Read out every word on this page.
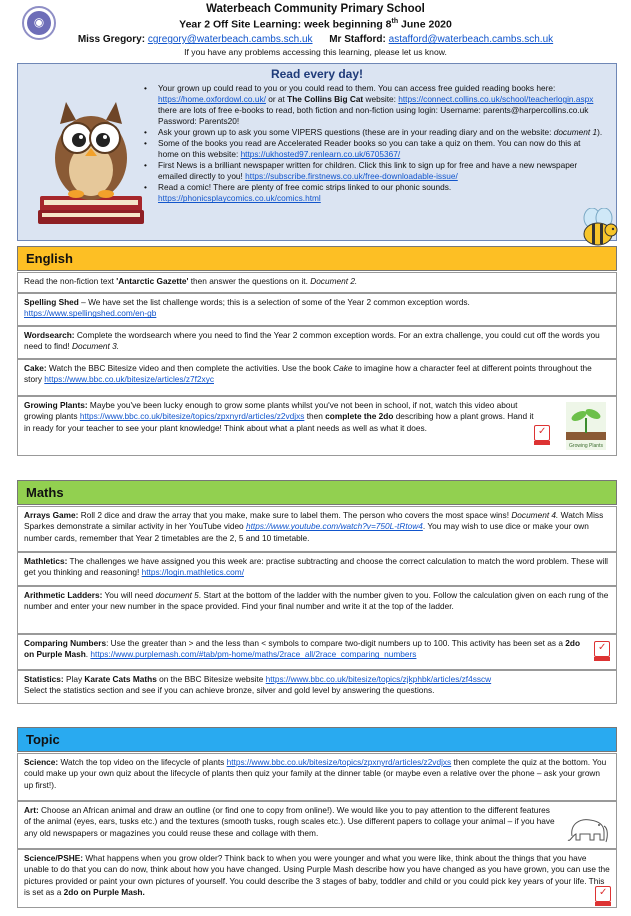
◉
Waterbeach Community Primary School
Year 2 Off Site Learning: week beginning 8th June 2020
Miss Gregory: cgregory@waterbeach.cambs.sch.uk Mr Stafford: astafford@waterbeach.cambs.sch.uk
If you have any problems accessing this learning, please let us know.
Read every day!
• Your grown up could read to you or you could read to them. You can access free guided reading books here: https://home.oxfordowl.co.uk/ or at The Collins Big Cat website: https://connect.collins.co.uk/school/teacherlogin.aspx there are lots of free e-books to read, both fiction and non-fiction using login: Username: parents@harpercollins.co.uk Password: Parents20!
• Ask your grown up to ask you some VIPERS questions (these are in your reading diary and on the website: document 1).
• Some of the books you read are Accelerated Reader books so you can take a quiz on them. You can now do this at home on this website: https://ukhosted97.renlearn.co.uk/6705367/
• First News is a brilliant newspaper written for children. Click this link to sign up for free and have a new newspaper emailed directly to you! https://subscribe.firstnews.co.uk/free-downloadable-issue/
• Read a comic! There are plenty of free comic strips linked to our phonic sounds.
https://phonicsplaycomics.co.uk/comics.html
English
Read the non-fiction text 'Antarctic Gazette' then answer the questions on it. Document 2.
Spelling Shed – We have set the list challenge words; this is a selection of some of the Year 2 common exception words.
https://www.spellingshed.com/en-gb
Wordsearch: Complete the wordsearch where you need to find the Year 2 common exception words. For an extra challenge, you could cut off the words you need to find! Document 3.
Cake: Watch the BBC Bitesize video and then complete the activities. Use the book Cake to imagine how a character feel at different points throughout the story https://www.bbc.co.uk/bitesize/articles/z7f2xyc
Growing Plants: Maybe you've been lucky enough to grow some plants whilst you've not been in school, if not, watch this video about growing plants https://www.bbc.co.uk/bitesize/topics/zpxnyrd/articles/z2vdjxs then complete the 2do describing how a plant grows. Hand it in ready for your teacher to see your plant knowledge! Think about what a plant needs as well as what it does.
✓
Growing Plants
Maths
Arrays Game: Roll 2 dice and draw the array that you make, make sure to label them. The person who covers the most space wins! Document 4. Watch Miss Sparkes demonstrate a similar activity in her YouTube video https://www.youtube.com/watch?v=750L-tRtow4. You may wish to use dice or make your own number cards, remember that Year 2 timetables are the 2, 5 and 10 timetable.
Mathletics: The challenges we have assigned you this week are: practise subtracting and choose the correct calculation to match the word problem. These will get you thinking and reasoning! https://login.mathletics.com/
Arithmetic Ladders: You will need document 5. Start at the bottom of the ladder with the number given to you. Follow the calculation given on each rung of the number and enter your new number in the space provided. Find your final number and write it at the top of the ladder.
Comparing Numbers: Use the greater than > and the less than < symbols to compare two-digit numbers up to 100. This activity has been set as a 2do on Purple Mash. https://www.purplemash.com/#tab/pm-home/maths/2race_all/2race_comparing_numbers
✓
Statistics: Play Karate Cats Maths on the BBC Bitesize website https://www.bbc.co.uk/bitesize/topics/zjkphbk/articles/zf4sscw
Select the statistics section and see if you can achieve bronze, silver and gold level by answering the questions.
Topic
Science: Watch the top video on the lifecycle of plants https://www.bbc.co.uk/bitesize/topics/zpxnyrd/articles/z2vdjxs then complete the quiz at the bottom. You could make up your own quiz about the lifecycle of plants then quiz your family at the dinner table (or maybe even a relative over the phone – ask your grown up first!).
Art: Choose an African animal and draw an outline (or find one to copy from online!). We would like you to pay attention to the different features of the animal (eyes, ears, tusks etc.) and the textures (smooth tusks, rough scales etc.). Use different papers to collage your animal – if you have any old newspapers or magazines you could reuse these and collage with them.
Science/PSHE: What happens when you grow older? Think back to when you were younger and what you were like, think about the things that you have unable to do that you can do now, think about how you have changed. Using Purple Mash describe how you have changed as you have grown, you can use the pictures provided or paint your own pictures of yourself. You could describe the 3 stages of baby, toddler and child or you could pick key years of your life. This is set as a 2do on Purple Mash.
✓
